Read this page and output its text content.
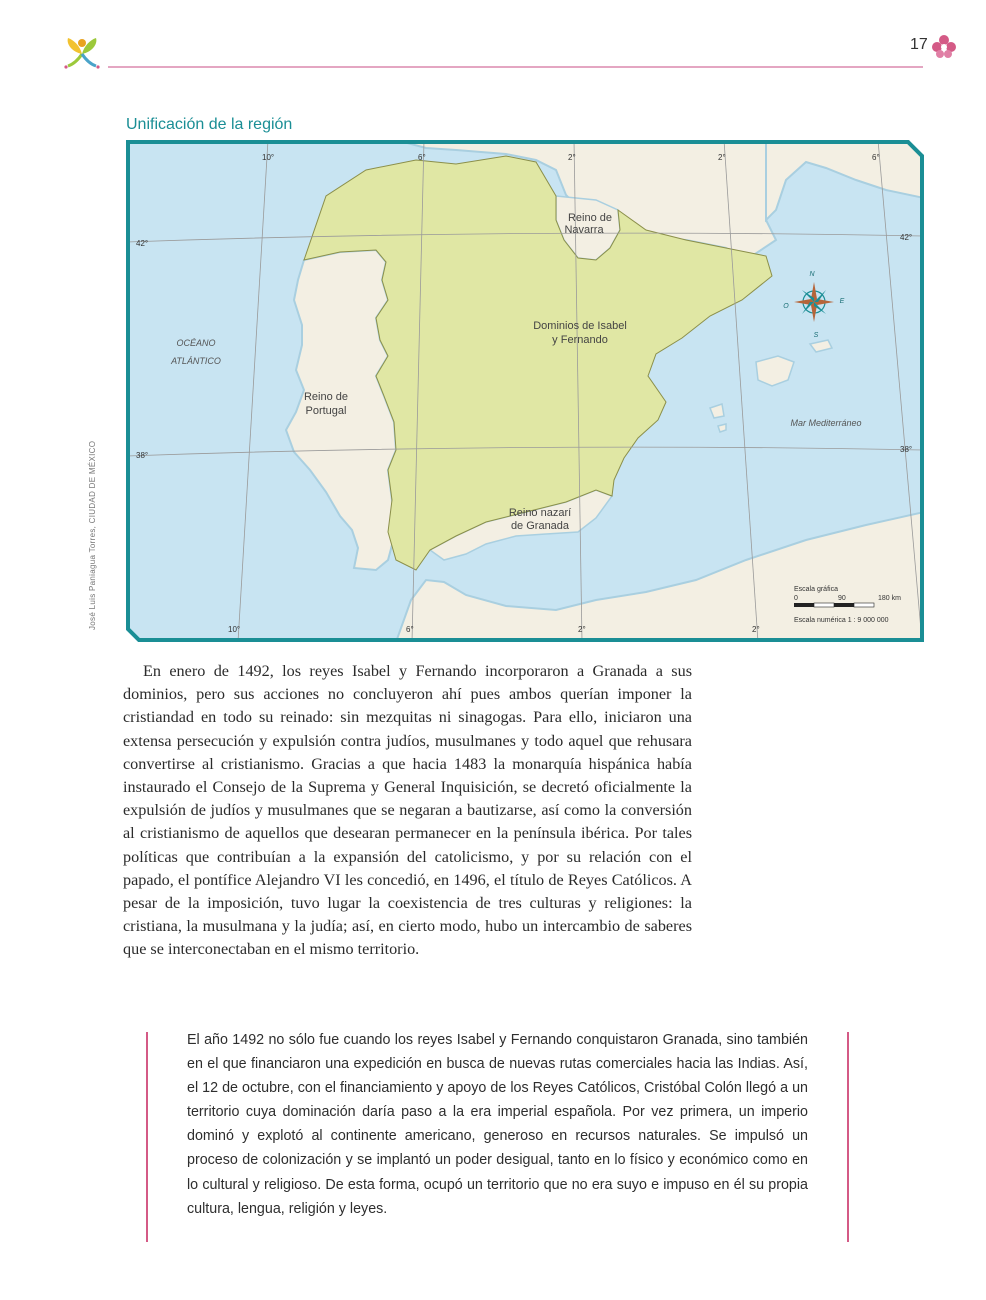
17
Unificación de la región
10°	6°	2°	2°	6°
10°	6°	2°	2°
42°
38°
42°
38°
Reino de
Navarra
Dominios de Isabel
y Fernando
Reino de
Portugal
Reino nazarí
de Granada
OCÉANO
ATLÁNTICO
Mar Mediterráneo
N
S
E
O
Escala gráfica
0	90	180 km
Escala numérica 1 : 9 000 000
José Luis Paniagua Torres, CIUDAD DE MÉXICO

En enero de 1492, los reyes Isabel y Fernando incorporaron a Granada a sus dominios, pero sus acciones no concluyeron ahí pues ambos querían imponer la cristiandad en todo su reinado: sin mezquitas ni sinagogas. Para ello, iniciaron una extensa persecución y expulsión contra judíos, musulmanes y todo aquel que rehusara convertirse al cristianismo. Gracias a que hacia 1483 la monarquía hispánica había instaurado el Consejo de la Suprema y General Inquisición, se decretó oficialmente la expulsión de judíos y musulmanes que se negaran a bautizarse, así como la conversión al cristianismo de aquellos que desearan permanecer en la península ibérica. Por tales políticas que contribuían a la expansión del catolicismo, y por su relación con el papado, el pontífice Alejandro VI les concedió, en 1496, el título de Reyes Católicos. A pesar de la imposición, tuvo lugar la coexistencia de tres culturas y religiones: la cristiana, la musulmana y la judía; así, en cierto modo, hubo un intercambio de saberes que se interconectaban en el mismo territorio.

El año 1492 no sólo fue cuando los reyes Isabel y Fernando conquistaron Granada, sino también en el que financiaron una expedición en busca de nuevas rutas comerciales hacia las Indias. Así, el 12 de octubre, con el financiamiento y apoyo de los Reyes Católicos, Cristóbal Colón llegó a un territorio cuya dominación daría paso a la era imperial española. Por vez primera, un imperio dominó y explotó al continente americano, generoso en recursos naturales. Se impulsó un proceso de colonización y se implantó un poder desigual, tanto en lo físico y económico como en lo cultural y religioso. De esta forma, ocupó un territorio que no era suyo e impuso en él su propia cultura, lengua, religión y leyes.
